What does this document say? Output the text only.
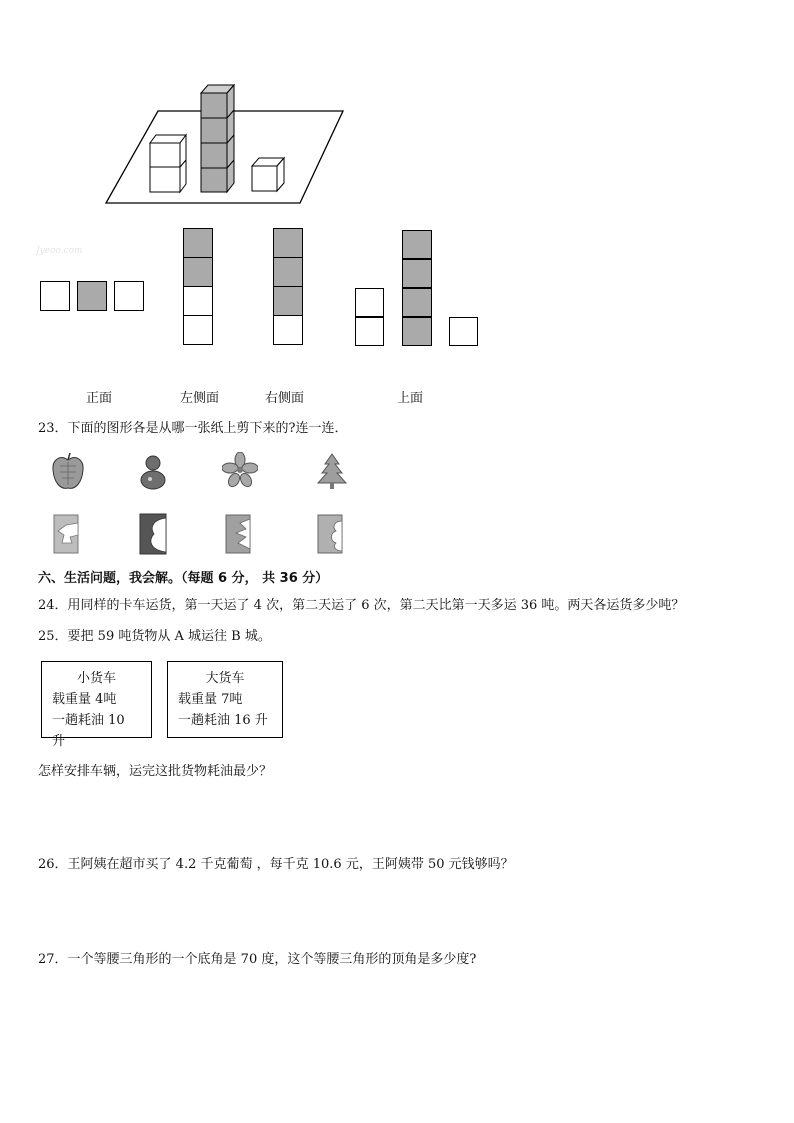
Jyeoo.com
正面	左侧面	右侧面	上面
23．下面的图形各是从哪一张纸上剪下来的?连一连．
六、生活问题，我会解。（每题 6 分， 共 36 分）
24．用同样的卡车运货，第一天运了 4 次，第二天运了 6 次，第二天比第一天多运 36 吨。两天各运货多少吨？
25．要把 59 吨货物从 A 城运往 B 城。
小货车
载重量 4吨
一趟耗油 10 升
大货车
载重量 7吨
一趟耗油 16 升
怎样安排车辆，运完这批货物耗油最少？
26．王阿姨在超市买了 4.2 千克葡萄 ，每千克 10.6 元，王阿姨带 50 元钱够吗？
27．一个等腰三角形的一个底角是 70 度，这个等腰三角形的顶角是多少度?
